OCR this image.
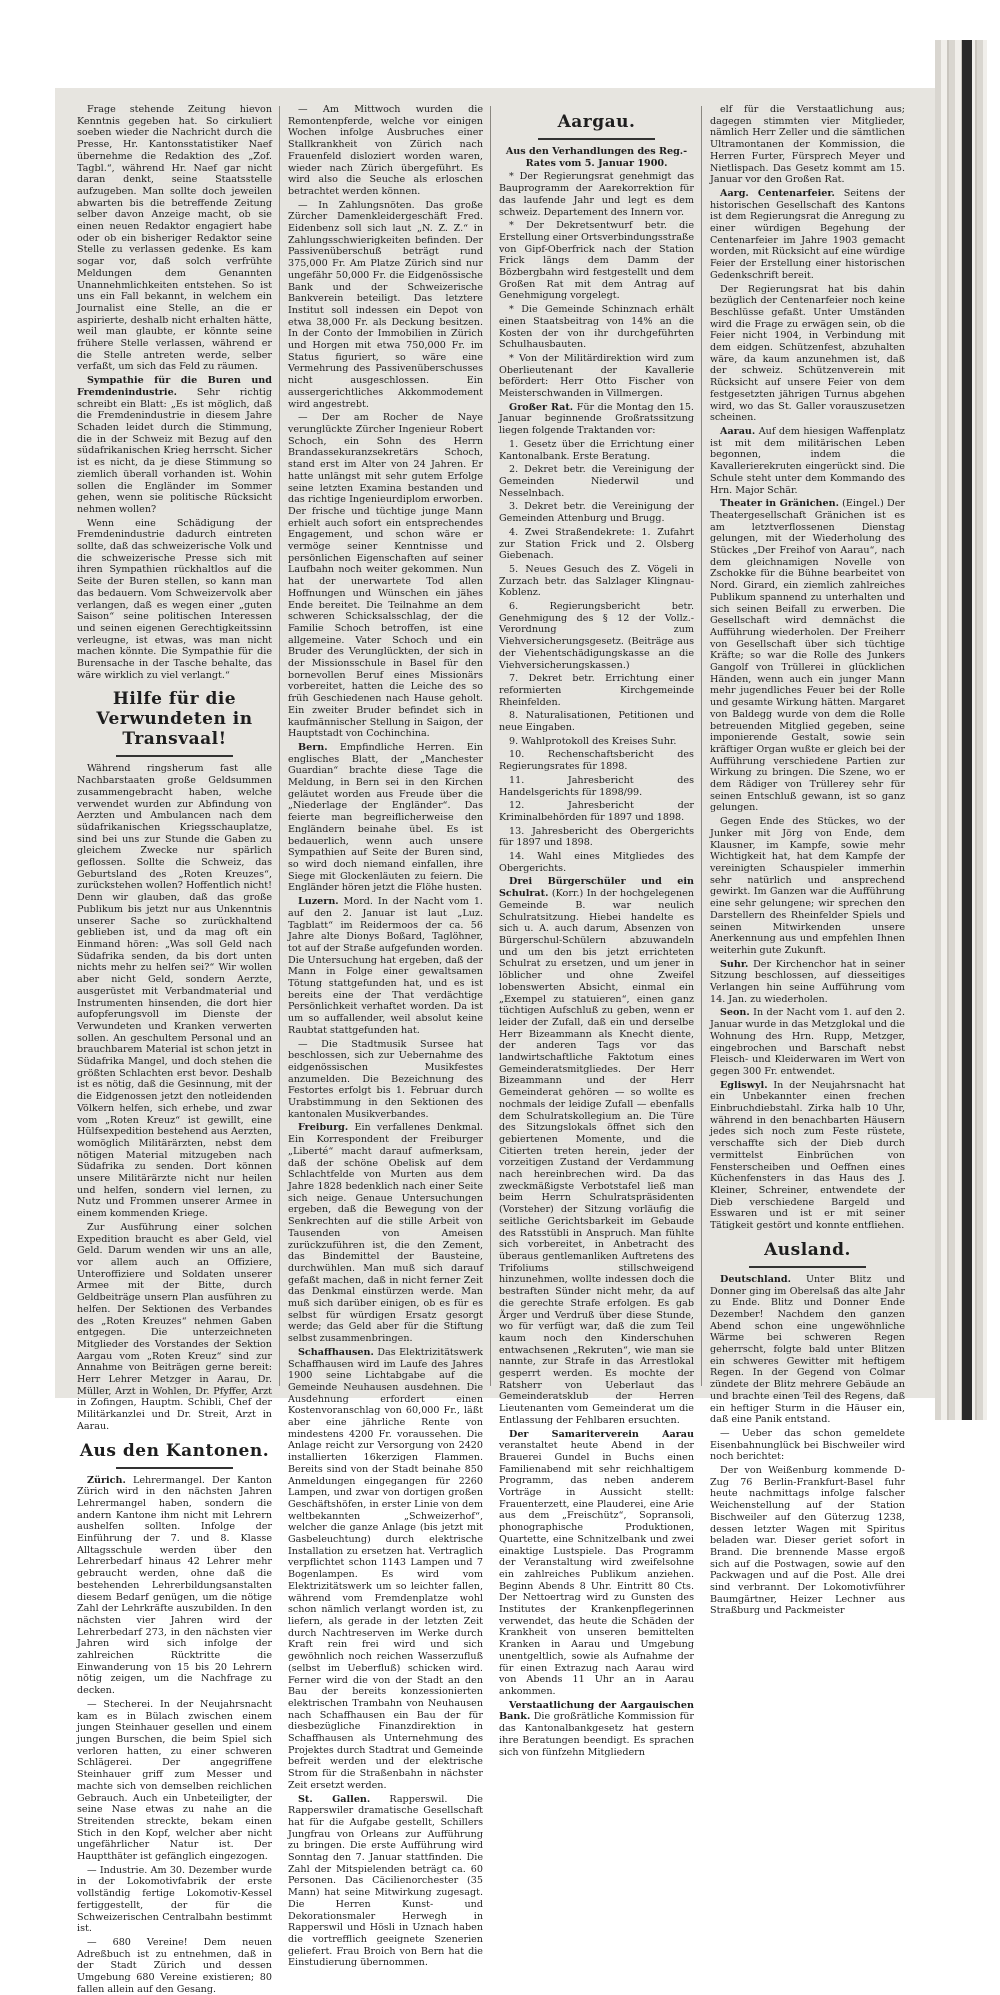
Frage stehende Zeitung hievon Kenntnis gegeben hat. So cirkuliert soeben wieder die Nachricht durch die Presse, Hr. Kantonsstatistiker Naef übernehme die Redaktion des „Zof. Tagbl.“, während Hr. Naef gar nicht daran denkt, seine Staatsstelle aufzugeben. Man sollte doch jeweilen abwarten bis die betreffende Zeitung selber davon Anzeige macht, ob sie einen neuen Redaktor engagiert habe oder ob ein bisheriger Redaktor seine Stelle zu verlassen gedenke. Es kam sogar vor, daß solch verfrühte Meldungen dem Genannten Unannehmlichkeiten entstehen. So ist uns ein Fall bekannt, in welchem ein Journalist eine Stelle, an die er aspirierte, deshalb nicht erhalten hätte, weil man glaubte, er könnte seine frühere Stelle verlassen, während er die Stelle antreten werde, selber verfaßt, um sich das Feld zu räumen.

Sympathie für die Buren und Fremdenindustrie. Sehr richtig schreibt ein Blatt: „Es ist möglich, daß die Fremdenindustrie in diesem Jahre Schaden leidet durch die Stimmung, die in der Schweiz mit Bezug auf den südafrikanischen Krieg herrscht. Sicher ist es nicht, da je diese Stimmung so ziemlich überall vorhanden ist. Wohin sollen die Engländer im Sommer gehen, wenn sie politische Rücksicht nehmen wollen?

Wenn eine Schädigung der Fremdenindustrie dadurch eintreten sollte, daß das schweizerische Volk und die schweizerische Presse sich mit ihren Sympathien rückhaltlos auf die Seite der Buren stellen, so kann man das bedauern. Vom Schweizervolk aber verlangen, daß es wegen einer „guten Saison“ seine politischen Interessen und seinen eigenen Gerechtigkeitssinn verleugne, ist etwas, was man nicht machen könnte. Die Sympathie für die Burensache in der Tasche behalte, das wäre wirklich zu viel verlangt.“

Hilfe für die Verwundeten in Transvaal!

Während ringsherum fast alle Nachbarstaaten große Geldsummen zusammengebracht haben, welche verwendet wurden zur Abfindung von Aerzten und Ambulancen nach dem südafrikanischen Kriegsschauplatze, sind bei uns zur Stunde die Gaben zu gleichem Zwecke nur spärlich geflossen. Sollte die Schweiz, das Geburtsland des „Roten Kreuzes“, zurückstehen wollen? Hoffentlich nicht! Denn wir glauben, daß das große Publikum bis jetzt nur aus Unkenntnis unserer Sache so zurückhaltend geblieben ist, und da mag oft ein Einmand hören: „Was soll Geld nach Südafrika senden, da bis dort unten nichts mehr zu helfen sei?“ Wir wollen aber nicht Geld, sondern Aerzte, ausgerüstet mit Verbandmaterial und Instrumenten hinsenden, die dort hier aufopferungsvoll im Dienste der Verwundeten und Kranken verwerten sollen. An geschultem Personal und an brauchbarem Material ist schon jetzt in Südafrika Mangel, und doch stehen die größten Schlachten erst bevor. Deshalb ist es nötig, daß die Gesinnung, mit der die Eidgenossen jetzt den notleidenden Völkern helfen, sich erhebe, und zwar vom „Roten Kreuz“ ist gewillt, eine Hülfsexpedition bestehend aus Aerzten, womöglich Militärärzten, nebst dem nötigen Material mitzugeben nach Südafrika zu senden. Dort können unsere Militärärzte nicht nur heilen und helfen, sondern viel lernen, zu Nutz und Frommen unserer Armee in einem kommenden Kriege.

Zur Ausführung einer solchen Expedition braucht es aber Geld, viel Geld. Darum wenden wir uns an alle, vor allem auch an Offiziere, Unteroffiziere und Soldaten unserer Armee mit der Bitte, durch Geldbeiträge unsern Plan ausführen zu helfen. Der Sektionen des Verbandes des „Roten Kreuzes“ nehmen Gaben entgegen. Die unterzeichneten Mitglieder des Vorstandes der Sektion Aargau vom „Roten Kreuz“ sind zur Annahme von Beiträgen gerne bereit: Herr Lehrer Metzger in Aarau, Dr. Müller, Arzt in Wohlen, Dr. Pfyffer, Arzt in Zofingen, Hauptm. Schibli, Chef der Militärkanzlei und Dr. Streit, Arzt in Aarau.

Aus den Kantonen.

Zürich. Lehrermangel. Der Kanton Zürich wird in den nächsten Jahren Lehrermangel haben, sondern die andern Kantone ihm nicht mit Lehrern aushelfen sollten. Infolge der Einführung der 7. und 8. Klasse Alltagsschule werden über den Lehrerbedarf hinaus 42 Lehrer mehr gebraucht werden, ohne daß die bestehenden Lehrerbildungsanstalten diesem Bedarf genügen, um die nötige Zahl der Lehrkräfte auszubilden. In den nächsten vier Jahren wird der Lehrerbedarf 273, in den nächsten vier Jahren wird sich infolge der zahlreichen Rücktritte die Einwanderung von 15 bis 20 Lehrern nötig zeigen, um die Nachfrage zu decken.

— Stecherei. In der Neujahrsnacht kam es in Bülach zwischen einem jungen Steinhauer gesellen und einem jungen Burschen, die beim Spiel sich verloren hatten, zu einer schweren Schlägerei. Der angegriffene Steinhauer griff zum Messer und machte sich von demselben reichlichen Gebrauch. Auch ein Unbeteiligter, der seine Nase etwas zu nahe an die Streitenden streckte, bekam einen Stich in den Kopf, welcher aber nicht ungefährlicher Natur ist. Der Hauptthäter ist gefänglich eingezogen.

— Industrie. Am 30. Dezember wurde in der Lokomotivfabrik der erste vollständig fertige Lokomotiv-Kessel fertiggestellt, der für die Schweizerischen Centralbahn bestimmt ist.

— 680 Vereine! Dem neuen Adreßbuch ist zu entnehmen, daß in der Stadt Zürich und dessen Umgebung 680 Vereine existieren; 80 fallen allein auf den Gesang.

— Am Mittwoch wurden die Remontenpferde, welche vor einigen Wochen infolge Ausbruches einer Stallkrankheit von Zürich nach Frauenfeld disloziert worden waren, wieder nach Zürich übergeführt. Es wird also die Seuche als erloschen betrachtet werden können.

— In Zahlungsnöten. Das große Zürcher Damenkleidergeschäft Fred. Eidenbenz soll sich laut „N. Z. Z.“ in Zahlungsschwierigkeiten befinden. Der Passivenüberschuß beträgt rund 375,000 Fr. Am Platze Zürich sind nur ungefähr 50,000 Fr. die Eidgenössische Bank und der Schweizerische Bankverein beteiligt. Das letztere Institut soll indessen ein Depot von etwa 38,000 Fr. als Deckung besitzen. In der Conto der Immobilien in Zürich und Horgen mit etwa 750,000 Fr. im Status figuriert, so wäre eine Vermehrung des Passivenüberschusses nicht ausgeschlossen. Ein aussergerichtliches Akkommodement wird angestrebt.

— Der am Rocher de Naye verunglückte Zürcher Ingenieur Robert Schoch, ein Sohn des Herrn Brandassekuranzsekretärs Schoch, stand erst im Alter von 24 Jahren. Er hatte unlängst mit sehr gutem Erfolge seine letzten Examina bestanden und das richtige Ingenieurdiplom erworben. Der frische und tüchtige junge Mann erhielt auch sofort ein entsprechendes Engagement, und schon wäre er vermöge seiner Kenntnisse und persönlichen Eigenschaften auf seiner Laufbahn noch weiter gekommen. Nun hat der unerwartete Tod allen Hoffnungen und Wünschen ein jähes Ende bereitet. Die Teilnahme an dem schweren Schicksalsschlag, der die Familie Schoch betroffen, ist eine allgemeine. Vater Schoch und ein Bruder des Verunglückten, der sich in der Missionsschule in Basel für den bornevollen Beruf eines Missionärs vorbereitet, hatten die Leiche des so früh Geschiedenen nach Hause geholt. Ein zweiter Bruder befindet sich in kaufmännischer Stellung in Saigon, der Hauptstadt von Cochinchina.

Bern. Empfindliche Herren. Ein englisches Blatt, der „Manchester Guardian“ brachte diese Tage die Meldung, in Bern sei in den Kirchen geläutet worden aus Freude über die „Niederlage der Engländer“. Das feierte man begreiflicherweise den Engländern beinahe übel. Es ist bedauerlich, wenn auch unsere Sympathien auf Seite der Buren sind, so wird doch niemand einfallen, ihre Siege mit Glockenläuten zu feiern. Die Engländer hören jetzt die Flöhe husten.

Luzern. Mord. In der Nacht vom 1. auf den 2. Januar ist laut „Luz. Tagblatt“ im Reidermoos der ca. 56 Jahre alte Dionys Boßard, Taglöhner, tot auf der Straße aufgefunden worden. Die Untersuchung hat ergeben, daß der Mann in Folge einer gewaltsamen Tötung stattgefunden hat, und es ist bereits eine der That verdächtige Persönlichkeit verhaftet worden. Da ist um so auffallender, weil absolut keine Raubtat stattgefunden hat.

— Die Stadtmusik Sursee hat beschlossen, sich zur Uebernahme des eidgenössischen Musikfestes anzumelden. Die Bezeichnung des Festortes erfolgt bis 1. Februar durch Urabstimmung in den Sektionen des kantonalen Musikverbandes.

Freiburg. Ein verfallenes Denkmal. Ein Korrespondent der Freiburger „Liberté“ macht darauf aufmerksam, daß der schöne Obelisk auf dem Schlachtfelde von Murten aus dem Jahre 1828 bedenklich nach einer Seite sich neige. Genaue Untersuchungen ergeben, daß die Bewegung von der Senkrechten auf die stille Arbeit von Tausenden von Ameisen zurückzuführen ist, die den Zement, das Bindemittel der Bausteine, durchwühlen. Man muß sich darauf gefaßt machen, daß in nicht ferner Zeit das Denkmal einstürzen werde. Man muß sich darüber einigen, ob es für es selbst für würdigen Ersatz gesorgt werde; das Geld aber für die Stiftung selbst zusammenbringen.

Schaffhausen. Das Elektrizitätswerk Schaffhausen wird im Laufe des Jahres 1900 seine Lichtabgabe auf die Gemeinde Neuhausen ausdehnen. Die Ausdehnung erfordert einen Kostenvoranschlag von 60,000 Fr., läßt aber eine jährliche Rente von mindestens 4200 Fr. voraussehen. Die Anlage reicht zur Versorgung von 2420 installierten 16kerzigen Flammen. Bereits sind von der Stadt beinahe 850 Anmeldungen eingegangen für 2260 Lampen, und zwar von dortigen großen Geschäftshöfen, in erster Linie von dem weltbekannten „Schweizerhof“, welcher die ganze Anlage (bis jetzt mit Gasbeleuchtung) durch elektrische Installation zu ersetzen hat. Vertraglich verpflichtet schon 1143 Lampen und 7 Bogenlampen. Es wird vom Elektrizitätswerk um so leichter fallen, während vom Fremdenplatze wohl schon nämlich verlangt worden ist, zu liefern, als gerade in der letzten Zeit durch Nachtreserven im Werke durch Kraft rein frei wird und sich gewöhnlich noch reichen Wasserzufluß (selbst im Ueberfluß) schicken wird. Ferner wird die von der Stadt an den Bau der bereits konzessionierten elektrischen Trambahn von Neuhausen nach Schaffhausen ein Bau der für diesbezügliche Finanzdirektion in Schaffhausen als Unternehmung des Projektes durch Stadtrat und Gemeinde befreit werden und der elektrische Strom für die Straßenbahn in nächster Zeit ersetzt werden.

St. Gallen. Rapperswil. Die Rapperswiler dramatische Gesellschaft hat für die Aufgabe gestellt, Schillers Jungfrau von Orleans zur Aufführung zu bringen. Die erste Aufführung wird Sonntag den 7. Januar stattfinden. Die Zahl der Mitspielenden beträgt ca. 60 Personen. Das Cäcilienorchester (35 Mann) hat seine Mitwirkung zugesagt. Die Herren Kunst- und Dekorationsmaler Herwegh in Rapperswil und Hösli in Uznach haben die vortrefflich geeignete Szenerien geliefert. Frau Broich von Bern hat die Einstudierung übernommen.

Aargau.
Aus den Verhandlungen des Reg.-Rates vom 5. Januar 1900.

* Der Regierungsrat genehmigt das Bauprogramm der Aarekorrektion für das laufende Jahr und legt es dem schweiz. Departement des Innern vor.

* Der Dekretsentwurf betr. die Erstellung einer Ortsverbindungsstraße von Gipf-Oberfrick nach der Station Frick längs dem Damm der Bözbergbahn wird festgestellt und dem Großen Rat mit dem Antrag auf Genehmigung vorgelegt.

* Die Gemeinde Schinznach erhält einen Staatsbeitrag von 14% an die Kosten der von ihr durchgeführten Schulhausbauten.

* Von der Militärdirektion wird zum Oberlieutenant der Kavallerie befördert: Herr Otto Fischer von Meisterschwanden in Villmergen.

Großer Rat. Für die Montag den 15. Januar beginnende Großratssitzung liegen folgende Traktanden vor:

1. Gesetz über die Errichtung einer Kantonalbank. Erste Beratung.

2. Dekret betr. die Vereinigung der Gemeinden Niederwil und Nesselnbach.

3. Dekret betr. die Vereinigung der Gemeinden Attenburg und Brugg.

4. Zwei Straßendekrete: 1. Zufahrt zur Station Frick und 2. Olsberg Giebenach.

5. Neues Gesuch des Z. Vögeli in Zurzach betr. das Salzlager Klingnau-Koblenz.

6. Regierungsbericht betr. Genehmigung des § 12 der Vollz.-Verordnung zum Viehversicherungsgesetz. (Beiträge aus der Viehentschädigungskasse an die Viehversicherungskassen.)

7. Dekret betr. Errichtung einer reformierten Kirchgemeinde Rheinfelden.

8. Naturalisationen, Petitionen und neue Eingaben.

9. Wahlprotokoll des Kreises Suhr.

10. Rechenschaftsbericht des Regierungsrates für 1898.

11. Jahresbericht des Handelsgerichts für 1898/99.

12. Jahresbericht der Kriminalbehörden für 1897 und 1898.

13. Jahresbericht des Obergerichts für 1897 und 1898.

14. Wahl eines Mitgliedes des Obergerichts.

Drei Bürgerschüler und ein Schulrat. (Korr.) In der hochgelegenen Gemeinde B. war neulich Schulratsitzung. Hiebei handelte es sich u. A. auch darum, Absenzen von Bürgerschul-Schülern abzuwandeln und um den bis jetzt errichteten Schulrat zu ersetzen, und um jener in löblicher und ohne Zweifel lobenswerten Absicht, einmal ein „Exempel zu statuieren“, einen ganz tüchtigen Aufschluß zu geben, wenn er leider der Zufall, daß ein und derselbe Herr Bizeammann als Knecht diente, der anderen Tags vor das landwirtschaftliche Faktotum eines Gemeinderatsmitgliedes. Der Herr Bizeammann und der Herr Gemeinderat gehören — so wollte es nochmals der leidige Zufall — ebenfalls dem Schulratskollegium an. Die Türe des Sitzungslokals öffnet sich den gebiertenen Momente, und die Citierten treten herein, jeder der vorzeitigen Zustand der Verdammung nach hereinbrechen wird. Da das zweckmäßigste Verbotstafel ließ man beim Herrn Schulratspräsidenten (Vorsteher) der Sitzung vorläufig die seitliche Gerichtsbarkeit im Gebaude des Ratsstübli in Anspruch. Man fühlte sich vorbereitet, in Anbetracht des überaus gentlemanliken Auftretens des Trifoliums stillschweigend hinzunehmen, wollte indessen doch die bestraften Sünder nicht mehr, da auf die gerechte Strafe erfolgen. Es gab Ärger und Verdruß über diese Stunde, wo für verfügt war, daß die zum Teil kaum noch den Kinderschuhen entwachsenen „Rekruten“, wie man sie nannte, zur Strafe in das Arrestlokal gesperrt werden. Es mochte der Ratsherr von Ueberlaut das Gemeinderatsklub der Herren Lieutenanten vom Gemeinderat um die Entlassung der Fehlbaren ersuchten.

Der Samariterverein Aarau veranstaltet heute Abend in der Brauerei Gundel in Buchs einen Familienabend mit sehr reichhaltigem Programm, das neben anderem Vorträge in Aussicht stellt: Frauenterzett, eine Plauderei, eine Arie aus dem „Freischütz“, Sopransoli, phonographische Produktionen, Quartette, eine Schnitzelbank und zwei einaktige Lustspiele. Das Programm der Veranstaltung wird zweifelsohne ein zahlreiches Publikum anziehen. Beginn Abends 8 Uhr. Eintritt 80 Cts. Der Nettoertrag wird zu Gunsten des Institutes der Krankenpflegerinnen verwendet, das heute die Schäden der Krankheit von unseren bemittelten Kranken in Aarau und Umgebung unentgeltlich, sowie als Aufnahme der für einen Extrazug nach Aarau wird von Abends 11 Uhr an in Aarau ankommen.

Verstaatlichung der Aargauischen Bank. Die großrätliche Kommission für das Kantonalbankgesetz hat gestern ihre Beratungen beendigt. Es sprachen sich von fünfzehn Mitgliedern

elf für die Verstaatlichung aus; dagegen stimmten vier Mitglieder, nämlich Herr Zeller und die sämtlichen Ultramontanen der Kommission, die Herren Furter, Fürsprech Meyer und Nietlispach. Das Gesetz kommt am 15. Januar vor den Großen Rat.

Aarg. Centenarfeier. Seitens der historischen Gesellschaft des Kantons ist dem Regierungsrat die Anregung zu einer würdigen Begehung der Centenarfeier im Jahre 1903 gemacht worden, mit Rücksicht auf eine würdige Feier der Erstellung einer historischen Gedenkschrift bereit.

Der Regierungsrat hat bis dahin bezüglich der Centenarfeier noch keine Beschlüsse gefaßt. Unter Umständen wird die Frage zu erwägen sein, ob die Feier nicht 1904, in Verbindung mit dem eidgen. Schützenfest, abzuhalten wäre, da kaum anzunehmen ist, daß der schweiz. Schützenverein mit Rücksicht auf unsere Feier von dem festgesetzten jährigen Turnus abgehen wird, wo das St. Galler vorauszusetzen scheinen.

Aarau. Auf dem hiesigen Waffenplatz ist mit dem militärischen Leben begonnen, indem die Kavallerierekruten eingerückt sind. Die Schule steht unter dem Kommando des Hrn. Major Schär.

Theater in Gränichen. (Eingel.) Der Theatergesellschaft Gränichen ist es am letztverflossenen Dienstag gelungen, mit der Wiederholung des Stückes „Der Freihof von Aarau“, nach dem gleichnamigen Novelle von Zschokke für die Bühne bearbeitet von Nord. Girard, ein ziemlich zahlreiches Publikum spannend zu unterhalten und sich seinen Beifall zu erwerben. Die Gesellschaft wird demnächst die Aufführung wiederholen. Der Freiherr von Gesellschaft über sich tüchtige Kräfte; so war die Rolle des Junkers Gangolf von Trüllerei in glücklichen Händen, wenn auch ein junger Mann mehr jugendliches Feuer bei der Rolle und gesamte Wirkung hätten. Margaret von Baldegg wurde von dem die Rolle betreuenden Mitglied gegeben, seine imponierende Gestalt, sowie sein kräftiger Organ wußte er gleich bei der Aufführung verschiedene Partien zur Wirkung zu bringen. Die Szene, wo er dem Rädiger von Trüllerey sehr für seinen Entschluß gewann, ist so ganz gelungen.

Gegen Ende des Stückes, wo der Junker mit Jörg von Ende, dem Klausner, im Kampfe, sowie mehr Wichtigkeit hat, hat dem Kampfe der vereinigten Schauspieler immerhin sehr natürlich und ansprechend gewirkt. Im Ganzen war die Aufführung eine sehr gelungene; wir sprechen den Darstellern des Rheinfelder Spiels und seinen Mitwirkenden unsere Anerkennung aus und empfehlen Ihnen weiterhin gute Zukunft.

Suhr. Der Kirchenchor hat in seiner Sitzung beschlossen, auf diesseitiges Verlangen hin seine Aufführung vom 14. Jan. zu wiederholen.

Seon. In der Nacht vom 1. auf den 2. Januar wurde in das Metzglokal und die Wohnung des Hrn. Rupp, Metzger, eingebrochen und Barschaft nebst Fleisch- und Kleiderwaren im Wert von gegen 300 Fr. entwendet.

Egliswyl. In der Neujahrsnacht hat ein Unbekannter einen frechen Einbruchdiebstahl. Zirka halb 10 Uhr, während in den benachbarten Häusern jedes sich noch zum Feste rüstete, verschaffte sich der Dieb durch vermittelst Einbrüchen von Fensterscheiben und Oeffnen eines Küchenfensters in das Haus des J. Kleiner, Schreiner, entwendete der Dieb verschiedene Bargeld und Esswaren und ist er mit seiner Tätigkeit gestört und konnte entfliehen.

Ausland.

Deutschland. Unter Blitz und Donner ging im Oberelsaß das alte Jahr zu Ende. Blitz und Donner Ende Dezember! Nachdem den ganzen Abend schon eine ungewöhnliche Wärme bei schweren Regen geherrscht, folgte bald unter Blitzen ein schweres Gewitter mit heftigem Regen. In der Gegend von Colmar zündete der Blitz mehrere Gebäude an und brachte einen Teil des Regens, daß ein heftiger Sturm in die Häuser ein, daß eine Panik entstand.

— Ueber das schon gemeldete Eisenbahnunglück bei Bischweiler wird noch berichtet:

Der von Weißenburg kommende D-Zug 76 Berlin-Frankfurt-Basel fuhr heute nachmittags infolge falscher Weichenstellung auf der Station Bischweiler auf den Güterzug 1238, dessen letzter Wagen mit Spiritus beladen war. Dieser geriet sofort in Brand. Die brennende Masse ergoß sich auf die Postwagen, sowie auf den Packwagen und auf die Post. Alle drei sind verbrannt. Der Lokomotivführer Baumgärtner, Heizer Lechner aus Straßburg und Packmeister
